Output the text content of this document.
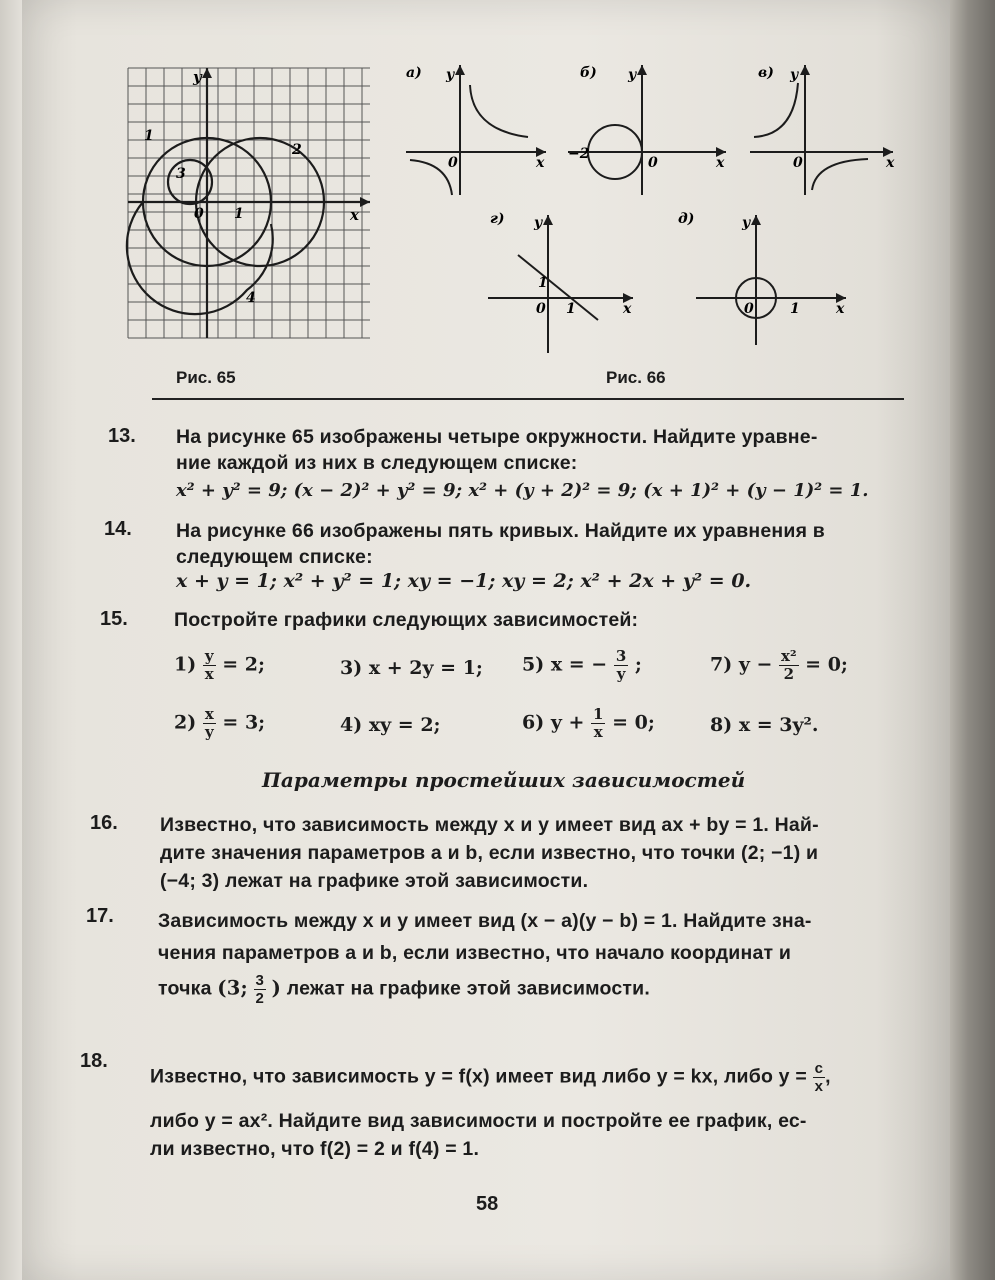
x
y
0 1
1
2
3
4
Рис. 65
а) y
x
0
б) y
x
0
−2
в) y
x
0
г) y
x
0 1
1
д)	y
x
0	1
Рис. 66
13. На рисунке 65 изображены четыре окружности. Найдите уравне-
ние каждой из них в следующем списке:
x² + y² = 9; (x − 2)² + y² = 9; x² + (y + 2)² = 9; (x + 1)² + (y − 1)² = 1.
14. На рисунке 66 изображены пять кривых. Найдите их уравнения в
следующем списке:
x + y = 1; x² + y² = 1; xy = −1; xy = 2; x² + 2x + y² = 0.
15. Постройте графики следующих зависимостей:
$1) \frac{y}{x} = 2$;
$2) \frac{x}{y} = 3$;
3) x + 2y = 1;
4) xy = 2;
5) x = − $\frac{3}{y}$ ;
6) $y + \frac{1}{x} = 0$;
7) $y - \frac{\text{x²}}{2} = 0$;
8) x = 3y².
Параметры простейших зависимостей
16. Известно, что зависимость между x и y имеет вид ax + by = 1. Най-
дите значения параметров a и b, если известно, что точки (2; −1) и
(−4; 3) лежат на графике этой зависимости.
17. Зависимость между x и y имеет вид (x − a)(y − b) = 1. Найдите зна-
чения параметров a и b, если известно, что начало координат и
точка (3; $\frac{3}{2}$ ) лежат на графике этой зависимости.
18.
Известно, что зависимость y = f(x) имеет вид либо y = kx, либо $y = \frac{c}{x}$ ,
либо y = ax². Найдите вид зависимости и постройте ее график, ес-
ли известно, что f(2) = 2 и f(4) = 1.
58
